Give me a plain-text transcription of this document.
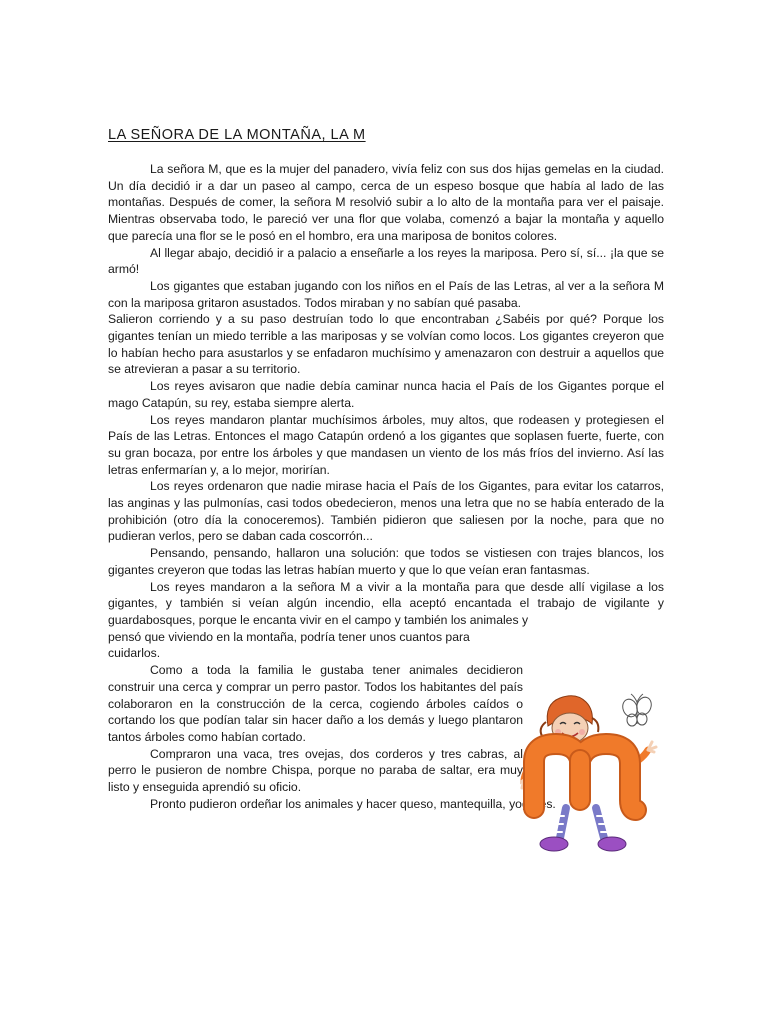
LA SEÑORA DE LA MONTAÑA, LA M

La señora M, que es la mujer del panadero, vivía feliz con sus dos hijas gemelas en la ciudad. Un día decidió ir a dar un paseo al campo, cerca de un espeso bosque que había al lado de las montañas. Después de comer, la señora M resolvió subir a lo alto de la montaña para ver el paisaje. Mientras observaba todo, le pareció ver una flor que volaba, comenzó a bajar la montaña y aquello que parecía una flor se le posó en el hombro, era una mariposa de bonitos colores.

Al llegar abajo, decidió ir a palacio a enseñarle a los reyes la mariposa. Pero sí, sí... ¡la que se armó!

Los gigantes que estaban jugando con los niños en el País de las Letras, al ver a la señora M con la mariposa gritaron asustados. Todos miraban y no sabían qué pasaba.

Salieron corriendo y a su paso destruían todo lo que encontraban ¿Sabéis por qué? Porque los gigantes tenían un miedo terrible a las mariposas y se volvían como locos. Los gigantes creyeron que lo habían hecho para asustarlos y se enfadaron muchísimo y amenazaron con destruir a aquellos que se atrevieran a pasar a su territorio.

Los reyes avisaron que nadie debía caminar nunca hacia el País de los Gigantes porque el mago Catapún, su rey, estaba siempre alerta.

Los reyes mandaron plantar muchísimos árboles, muy altos, que rodeasen y protegiesen el País de las Letras. Entonces el mago Catapún ordenó a los gigantes que soplasen fuerte, fuerte, con su gran bocaza, por entre los árboles y que mandasen un viento de los más fríos del invierno. Así las letras enfermarían y, a lo mejor, morirían.

Los reyes ordenaron que nadie mirase hacia el País de los Gigantes, para evitar los catarros, las anginas y las pulmonías, casi todos obedecieron, menos una letra que no se había enterado de la prohibición (otro día la conoceremos). También pidieron que saliesen por la noche, para que no pudieran verlos, pero se daban cada coscorrón...

Pensando, pensando, hallaron una solución: que todos se vistiesen con trajes blancos, los gigantes creyeron que todas las letras habían muerto y que lo que veían eran fantasmas.

Los reyes mandaron a la señora M a vivir a la montaña para que desde allí vigilase a los gigantes, y también si veían algún incendio, ella aceptó encantada el trabajo de vigilante y guardabosques, porque le encanta vivir en el campo y también los animales y

pensó que viviendo en la montaña, podría tener unos cuantos para cuidarlos.

Como a toda la familia le gustaba tener animales decidieron construir una cerca y comprar un perro pastor. Todos los habitantes del país colaboraron en la construcción de la cerca, cogiendo árboles caídos o cortando los que podían talar sin hacer daño a los demás y luego plantaron tantos árboles como habían cortado.

Compraron una vaca, tres ovejas, dos corderos y tres cabras, al perro le pusieron de nombre Chispa, porque no paraba de saltar, era muy listo y enseguida aprendió su oficio.

Pronto pudieron ordeñar los animales y hacer queso, mantequilla, yogures.
